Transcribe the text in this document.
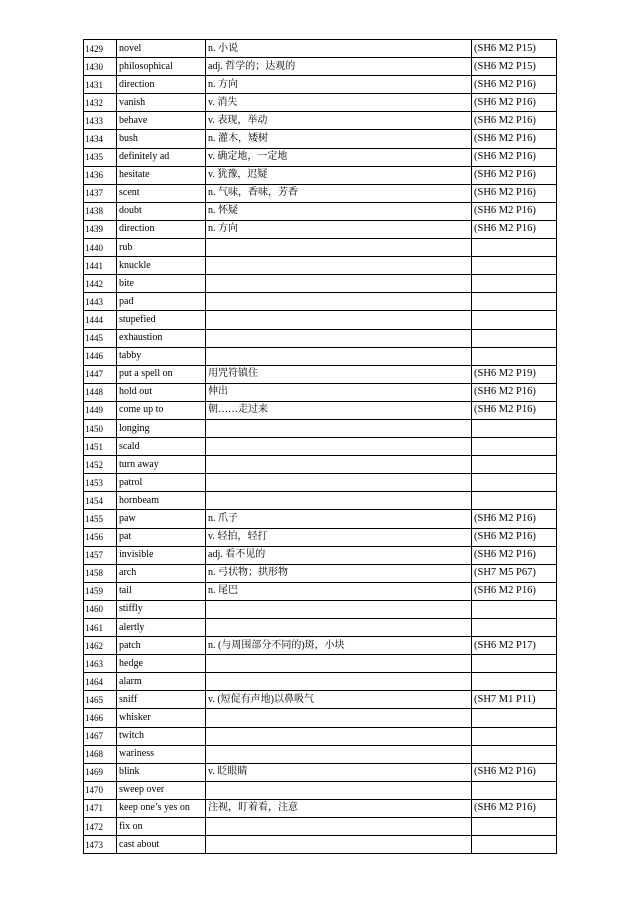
1429	novel	n. 小说	(SH6 M2 P15)
1430	philosophical	adj. 哲学的；达观的	(SH6 M2 P15)
1431	direction	n. 方向	(SH6 M2 P16)
1432	vanish	v. 消失	(SH6 M2 P16)
1433	behave	v. 表现，举动	(SH6 M2 P16)
1434	bush	n. 灌木，矮树	(SH6 M2 P16)
1435	definitely ad	v. 确定地，一定地	(SH6 M2 P16)
1436	hesitate	v. 犹豫，迟疑	(SH6 M2 P16)
1437	scent	n. 气味，香味，芳香	(SH6 M2 P16)
1438	doubt	n. 怀疑	(SH6 M2 P16)
1439	direction	n. 方向	(SH6 M2 P16)
1440	rub		
1441	knuckle		
1442	bite		
1443	pad		
1444	stupefied		
1445	exhaustion		
1446	tabby		
1447	put a spell on	用咒符镇住	(SH6 M2 P19)
1448	hold out	伸出	(SH6 M2 P16)
1449	come up to	朝……走过来	(SH6 M2 P16)
1450	longing		
1451	scald		
1452	turn away		
1453	patrol		
1454	hornbeam		
1455	paw	n. 爪子	(SH6 M2 P16)
1456	pat	v. 轻拍，轻打	(SH6 M2 P16)
1457	invisible	adj. 看不见的	(SH6 M2 P16)
1458	arch	n. 弓状物；拱形物	(SH7 M5 P67)
1459	tail	n. 尾巴	(SH6 M2 P16)
1460	stiffly		
1461	alertly		
1462	patch	n. (与周围部分不同的)斑，小块	(SH6 M2 P17)
1463	hedge		
1464	alarm		
1465	sniff	v. (短促有声地)以鼻吸气	(SH7 M1 P11)
1466	whisker		
1467	twitch		
1468	wariness		
1469	blink	v. 眨眼睛	(SH6 M2 P16)
1470	sweep over		
1471	keep one’s yes on	注视，盯着看，注意	(SH6 M2 P16)
1472	fix on		
1473	cast about		
